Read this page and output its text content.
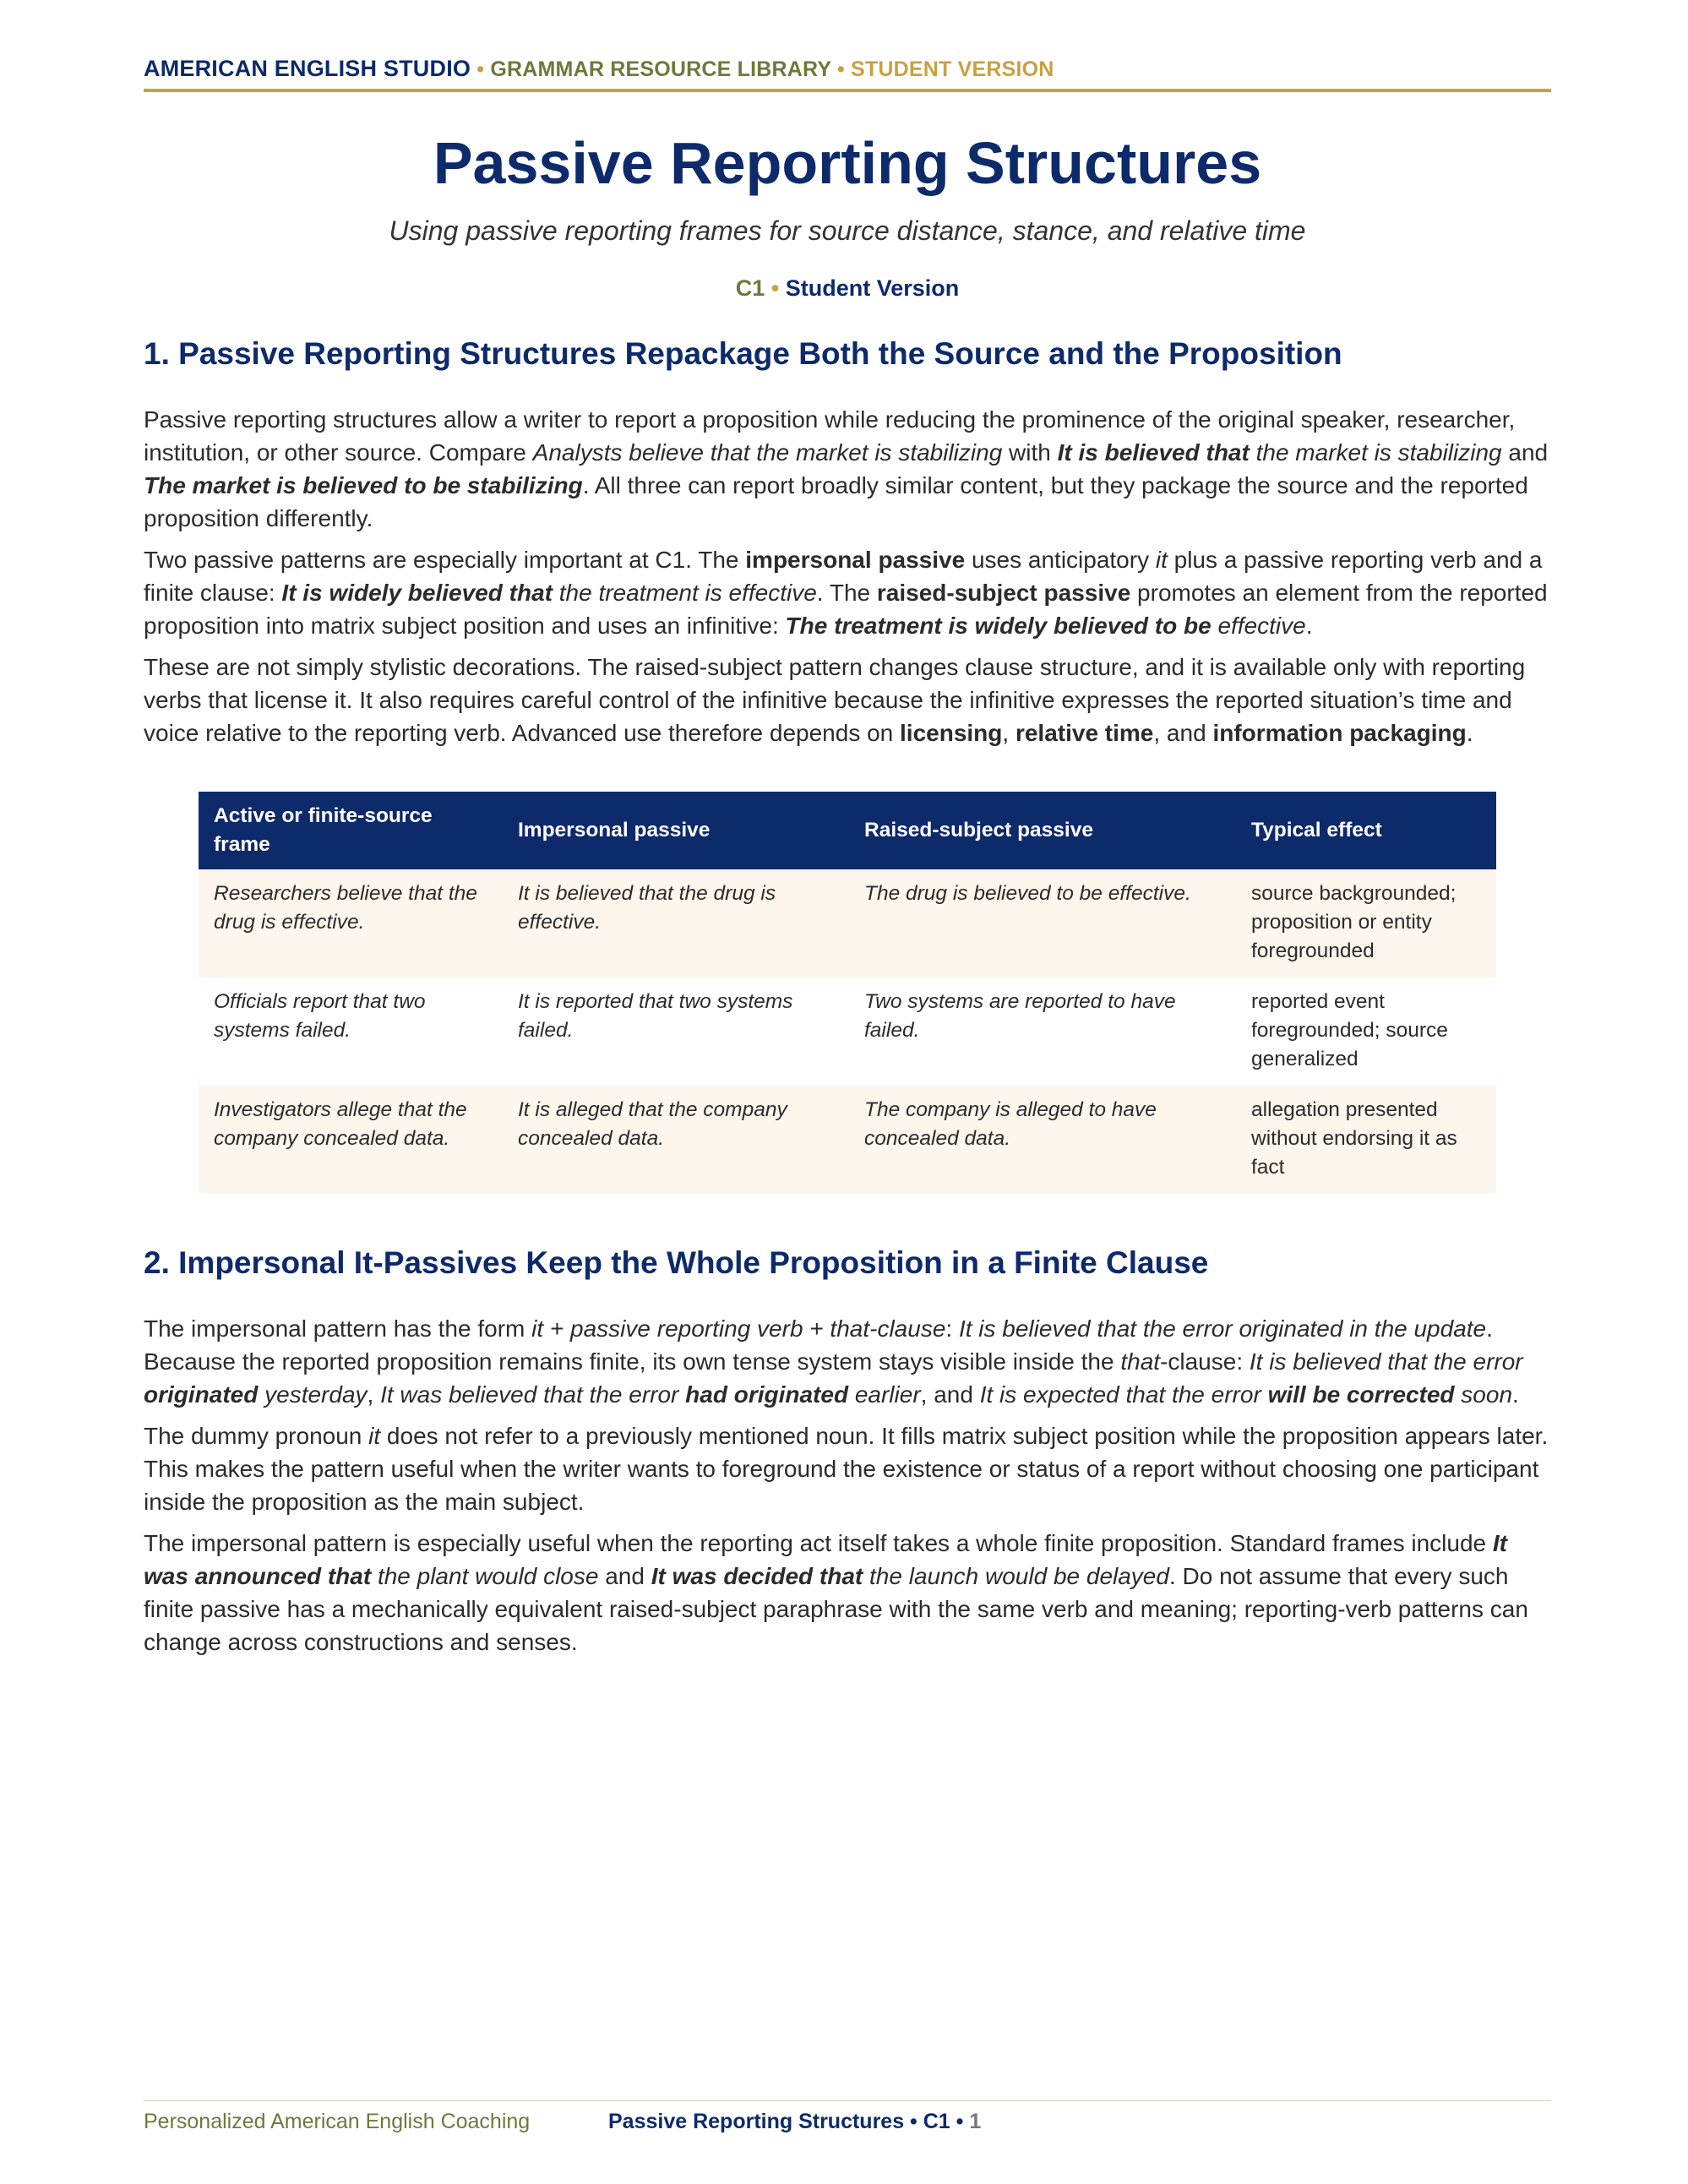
AMERICAN ENGLISH STUDIO • GRAMMAR RESOURCE LIBRARY • STUDENT VERSION
Passive Reporting Structures
Using passive reporting frames for source distance, stance, and relative time
C1 • Student Version
1. Passive Reporting Structures Repackage Both the Source and the Proposition

Passive reporting structures allow a writer to report a proposition while reducing the prominence of the original speaker, researcher, institution, or other source. Compare Analysts believe that the market is stabilizing with It is believed that the market is stabilizing and The market is believed to be stabilizing. All three can report broadly similar content, but they package the source and the reported proposition differently.

Two passive patterns are especially important at C1. The impersonal passive uses anticipatory it plus a passive reporting verb and a finite clause: It is widely believed that the treatment is effective. The raised-subject passive promotes an element from the reported proposition into matrix subject position and uses an infinitive: The treatment is widely believed to be effective.

These are not simply stylistic decorations. The raised-subject pattern changes clause structure, and it is available only with reporting verbs that license it. It also requires careful control of the infinitive because the infinitive expresses the reported situation’s time and voice relative to the reporting verb. Advanced use therefore depends on licensing, relative time, and information packaging.

Active or finite-source frame	Impersonal passive	Raised-subject passive	Typical effect
Researchers believe that the drug is effective.	It is believed that the drug is effective.	The drug is believed to be effective.	source backgrounded; proposition or entity foregrounded
Officials report that two systems failed.	It is reported that two systems failed.	Two systems are reported to have failed.	reported event foregrounded; source generalized
Investigators allege that the company concealed data.	It is alleged that the company concealed data.	The company is alleged to have concealed data.	allegation presented without endorsing it as fact
2. Impersonal It-Passives Keep the Whole Proposition in a Finite Clause

The impersonal pattern has the form it + passive reporting verb + that-clause: It is believed that the error originated in the update. Because the reported proposition remains finite, its own tense system stays visible inside the that-clause: It is believed that the error originated yesterday, It was believed that the error had originated earlier, and It is expected that the error will be corrected soon.

The dummy pronoun it does not refer to a previously mentioned noun. It fills matrix subject position while the proposition appears later. This makes the pattern useful when the writer wants to foreground the existence or status of a report without choosing one participant inside the proposition as the main subject.

The impersonal pattern is especially useful when the reporting act itself takes a whole finite proposition. Standard frames include It was announced that the plant would close and It was decided that the launch would be delayed. Do not assume that every such finite passive has a mechanically equivalent raised-subject paraphrase with the same verb and meaning; reporting-verb patterns can change across constructions and senses.

Personalized American English Coaching	Passive Reporting Structures • C1 • 1
